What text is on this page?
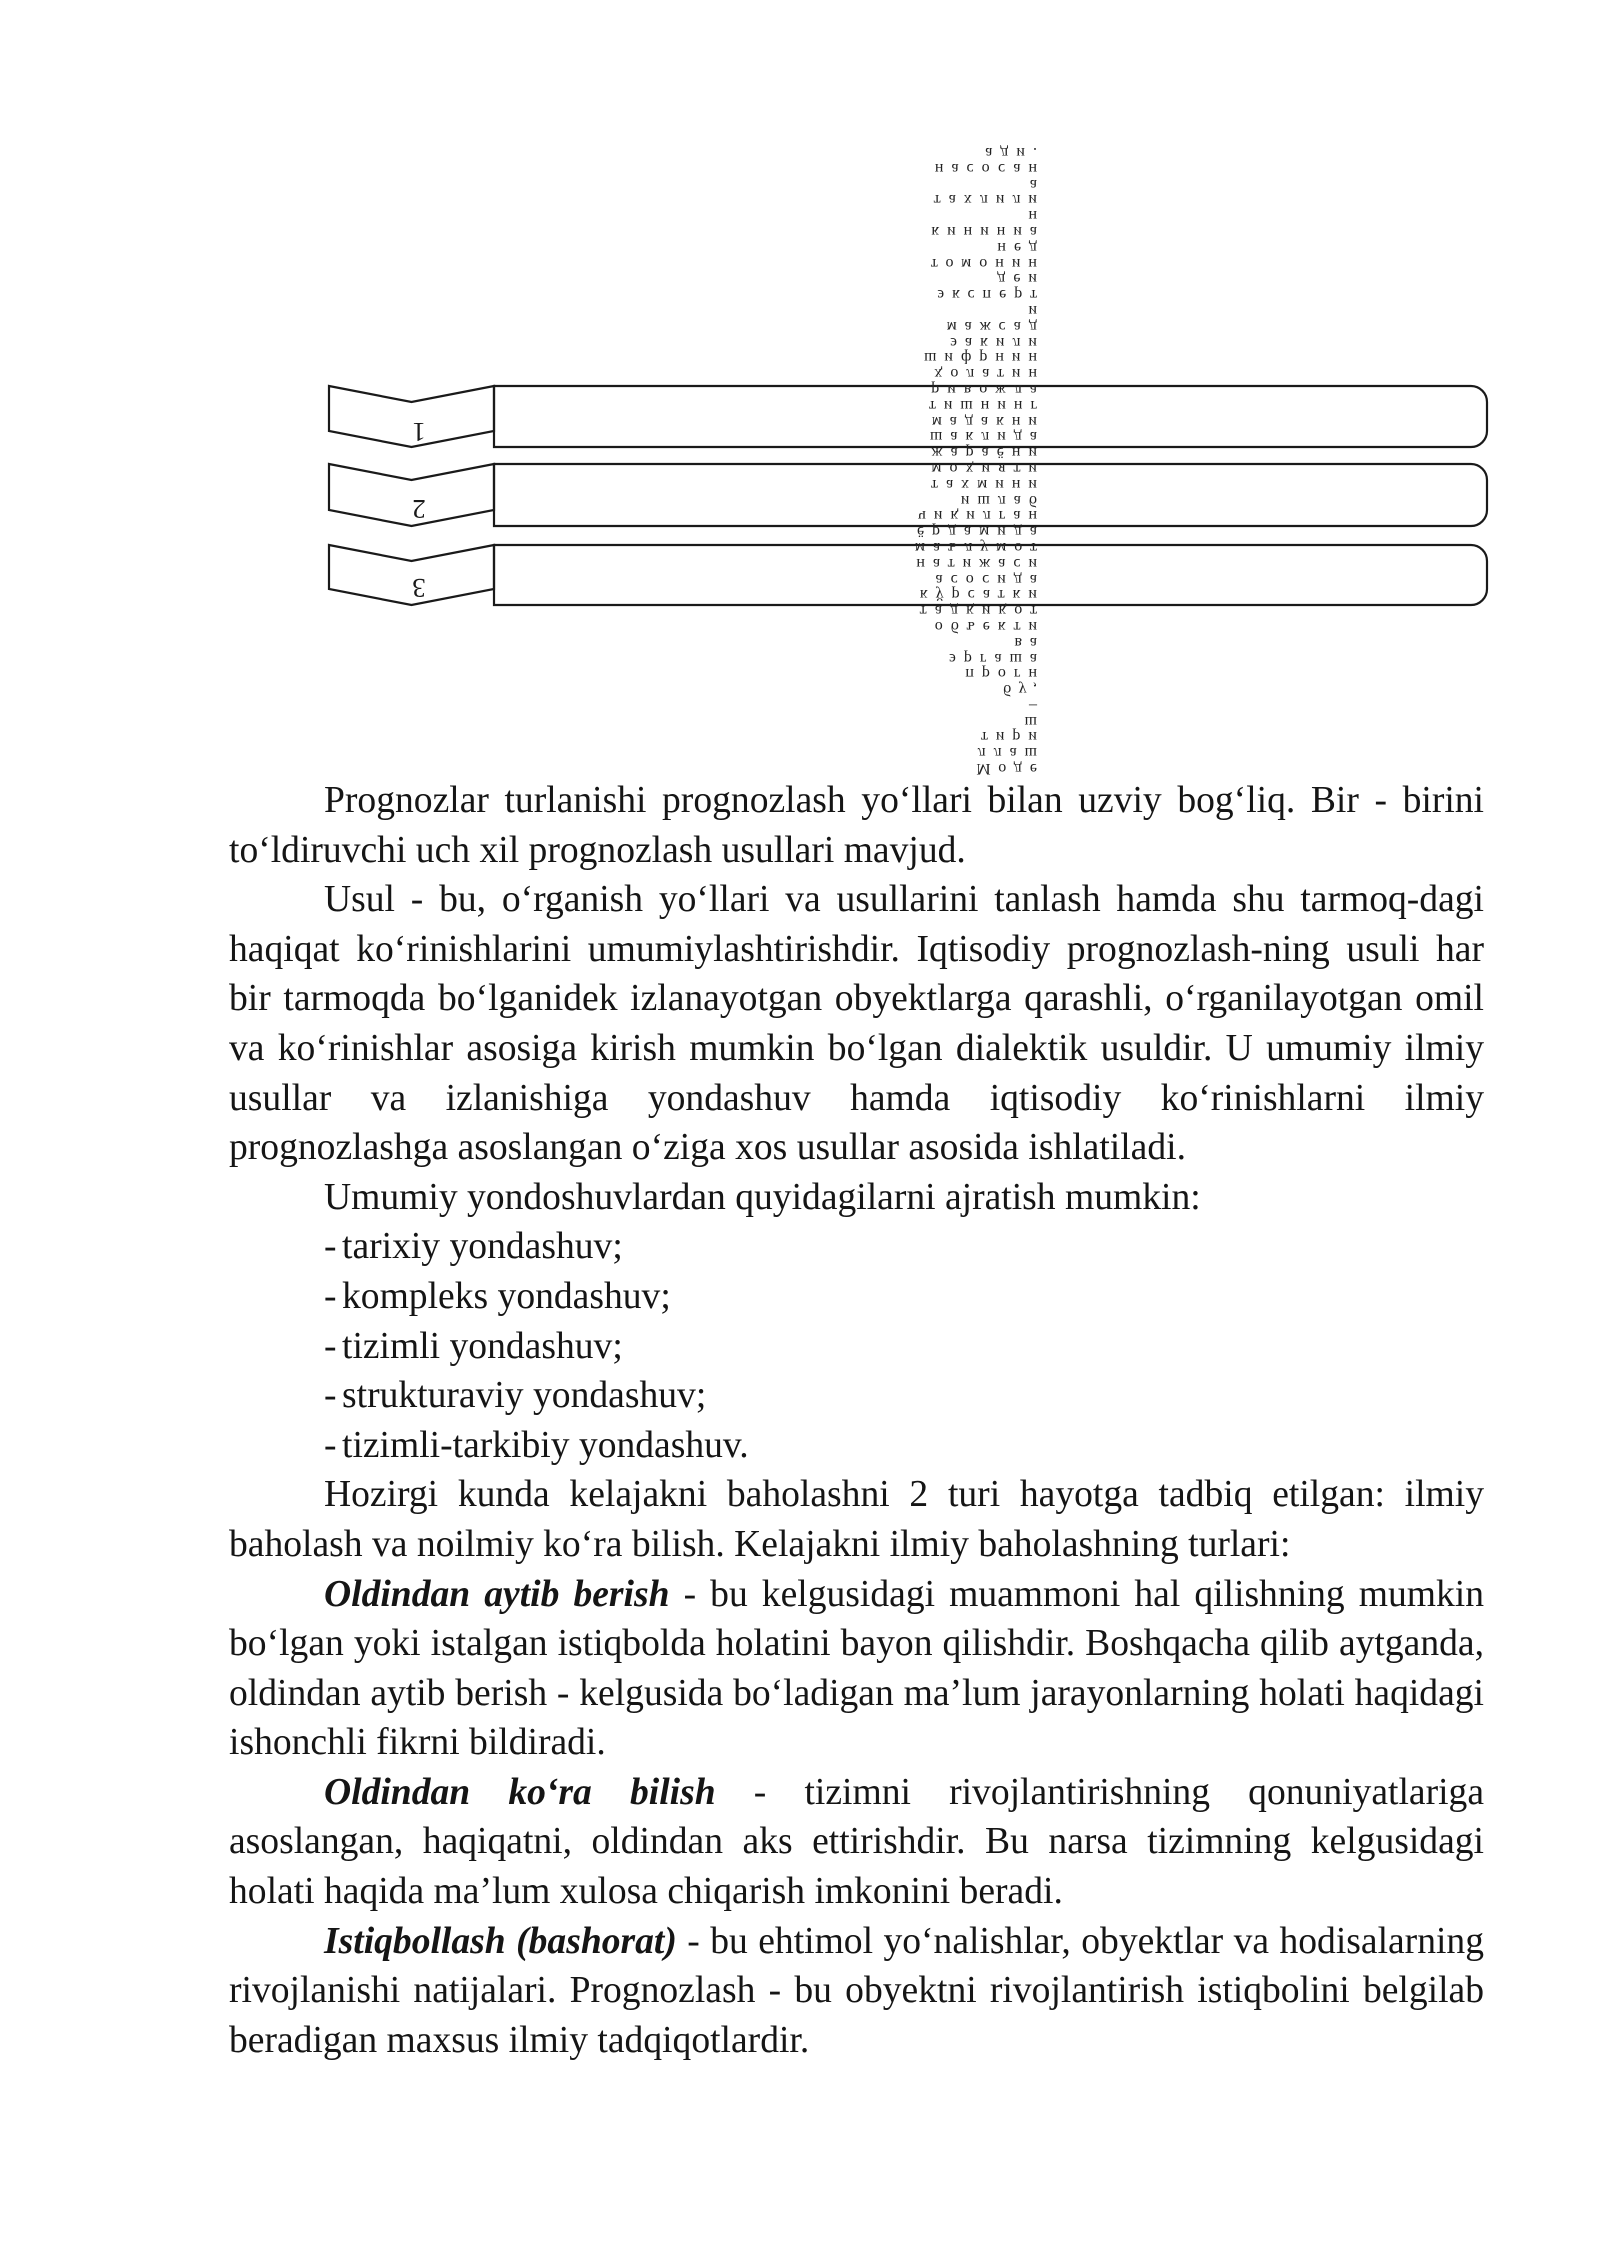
1
2
3
ади.
насосан
а
тахлили
н
кининиа
нед
томонин
деи
эксперт
и
мажсад
эакили
шифрнин
ҳолатин
ривожла
тишнинг
мадакни
шаклида
жараёни
моҳияти
тахмини
ишлаб
чиқилган
ёрдамида
маълумот
натижаси
асосида
кўрсатки
тадқиқот
объекти
ва
эргаша
прогн
бу,
–
ш
тири
ллаш
Моде

Prognozlar turlanishi prognozlash yo‘llari bilan uzviy bog‘liq. Bir - birini to‘ldiruvchi uch xil prognozlash usullari mavjud.

Usul - bu, o‘rganish yo‘llari va usullarini tanlash hamda shu tarmoq-dagi haqiqat ko‘rinishlarini umumiylashtirishdir. Iqtisodiy prognozlash-ning usuli har bir tarmoqda bo‘lganidek izlanayotgan obyektlarga qarashli, o‘rganilayotgan omil va ko‘rinishlar asosiga kirish mumkin bo‘lgan dialektik usuldir. U umumiy ilmiy usullar va izlanishiga yondashuv hamda iqtisodiy ko‘rinishlarni ilmiy prognozlashga asoslangan o‘ziga xos usullar asosida ishlatiladi.

Umumiy yondoshuvlardan quyidagilarni ajratish mumkin:

- tarixiy yondashuv;
- kompleks yondashuv;
- tizimli yondashuv;
- strukturaviy yondashuv;
- tizimli-tarkibiy yondashuv.

Hozirgi kunda kelajakni baholashni 2 turi hayotga tadbiq etilgan: ilmiy baholash va noilmiy ko‘ra bilish. Kelajakni ilmiy baholashning turlari:

Oldindan aytib berish - bu kelgusidagi muammoni hal qilishning mumkin bo‘lgan yoki istalgan istiqbolda holatini bayon qilishdir. Boshqacha qilib aytganda, oldindan aytib berish - kelgusida bo‘ladigan ma’lum jarayonlarning holati haqidagi ishonchli fikrni bildiradi.

Oldindan ko‘ra bilish - tizimni rivojlantirishning qonuniyatlariga asoslangan, haqiqatni, oldindan aks ettirishdir. Bu narsa tizimning kelgusidagi holati haqida ma’lum xulosa chiqarish imkonini beradi.

Istiqbollash (bashorat) - bu ehtimol yo‘nalishlar, obyektlar va hodisalarning rivojlanishi natijalari. Prognozlash - bu obyektni rivojlantirish istiqbolini belgilab beradigan maxsus ilmiy tadqiqotlardir.
